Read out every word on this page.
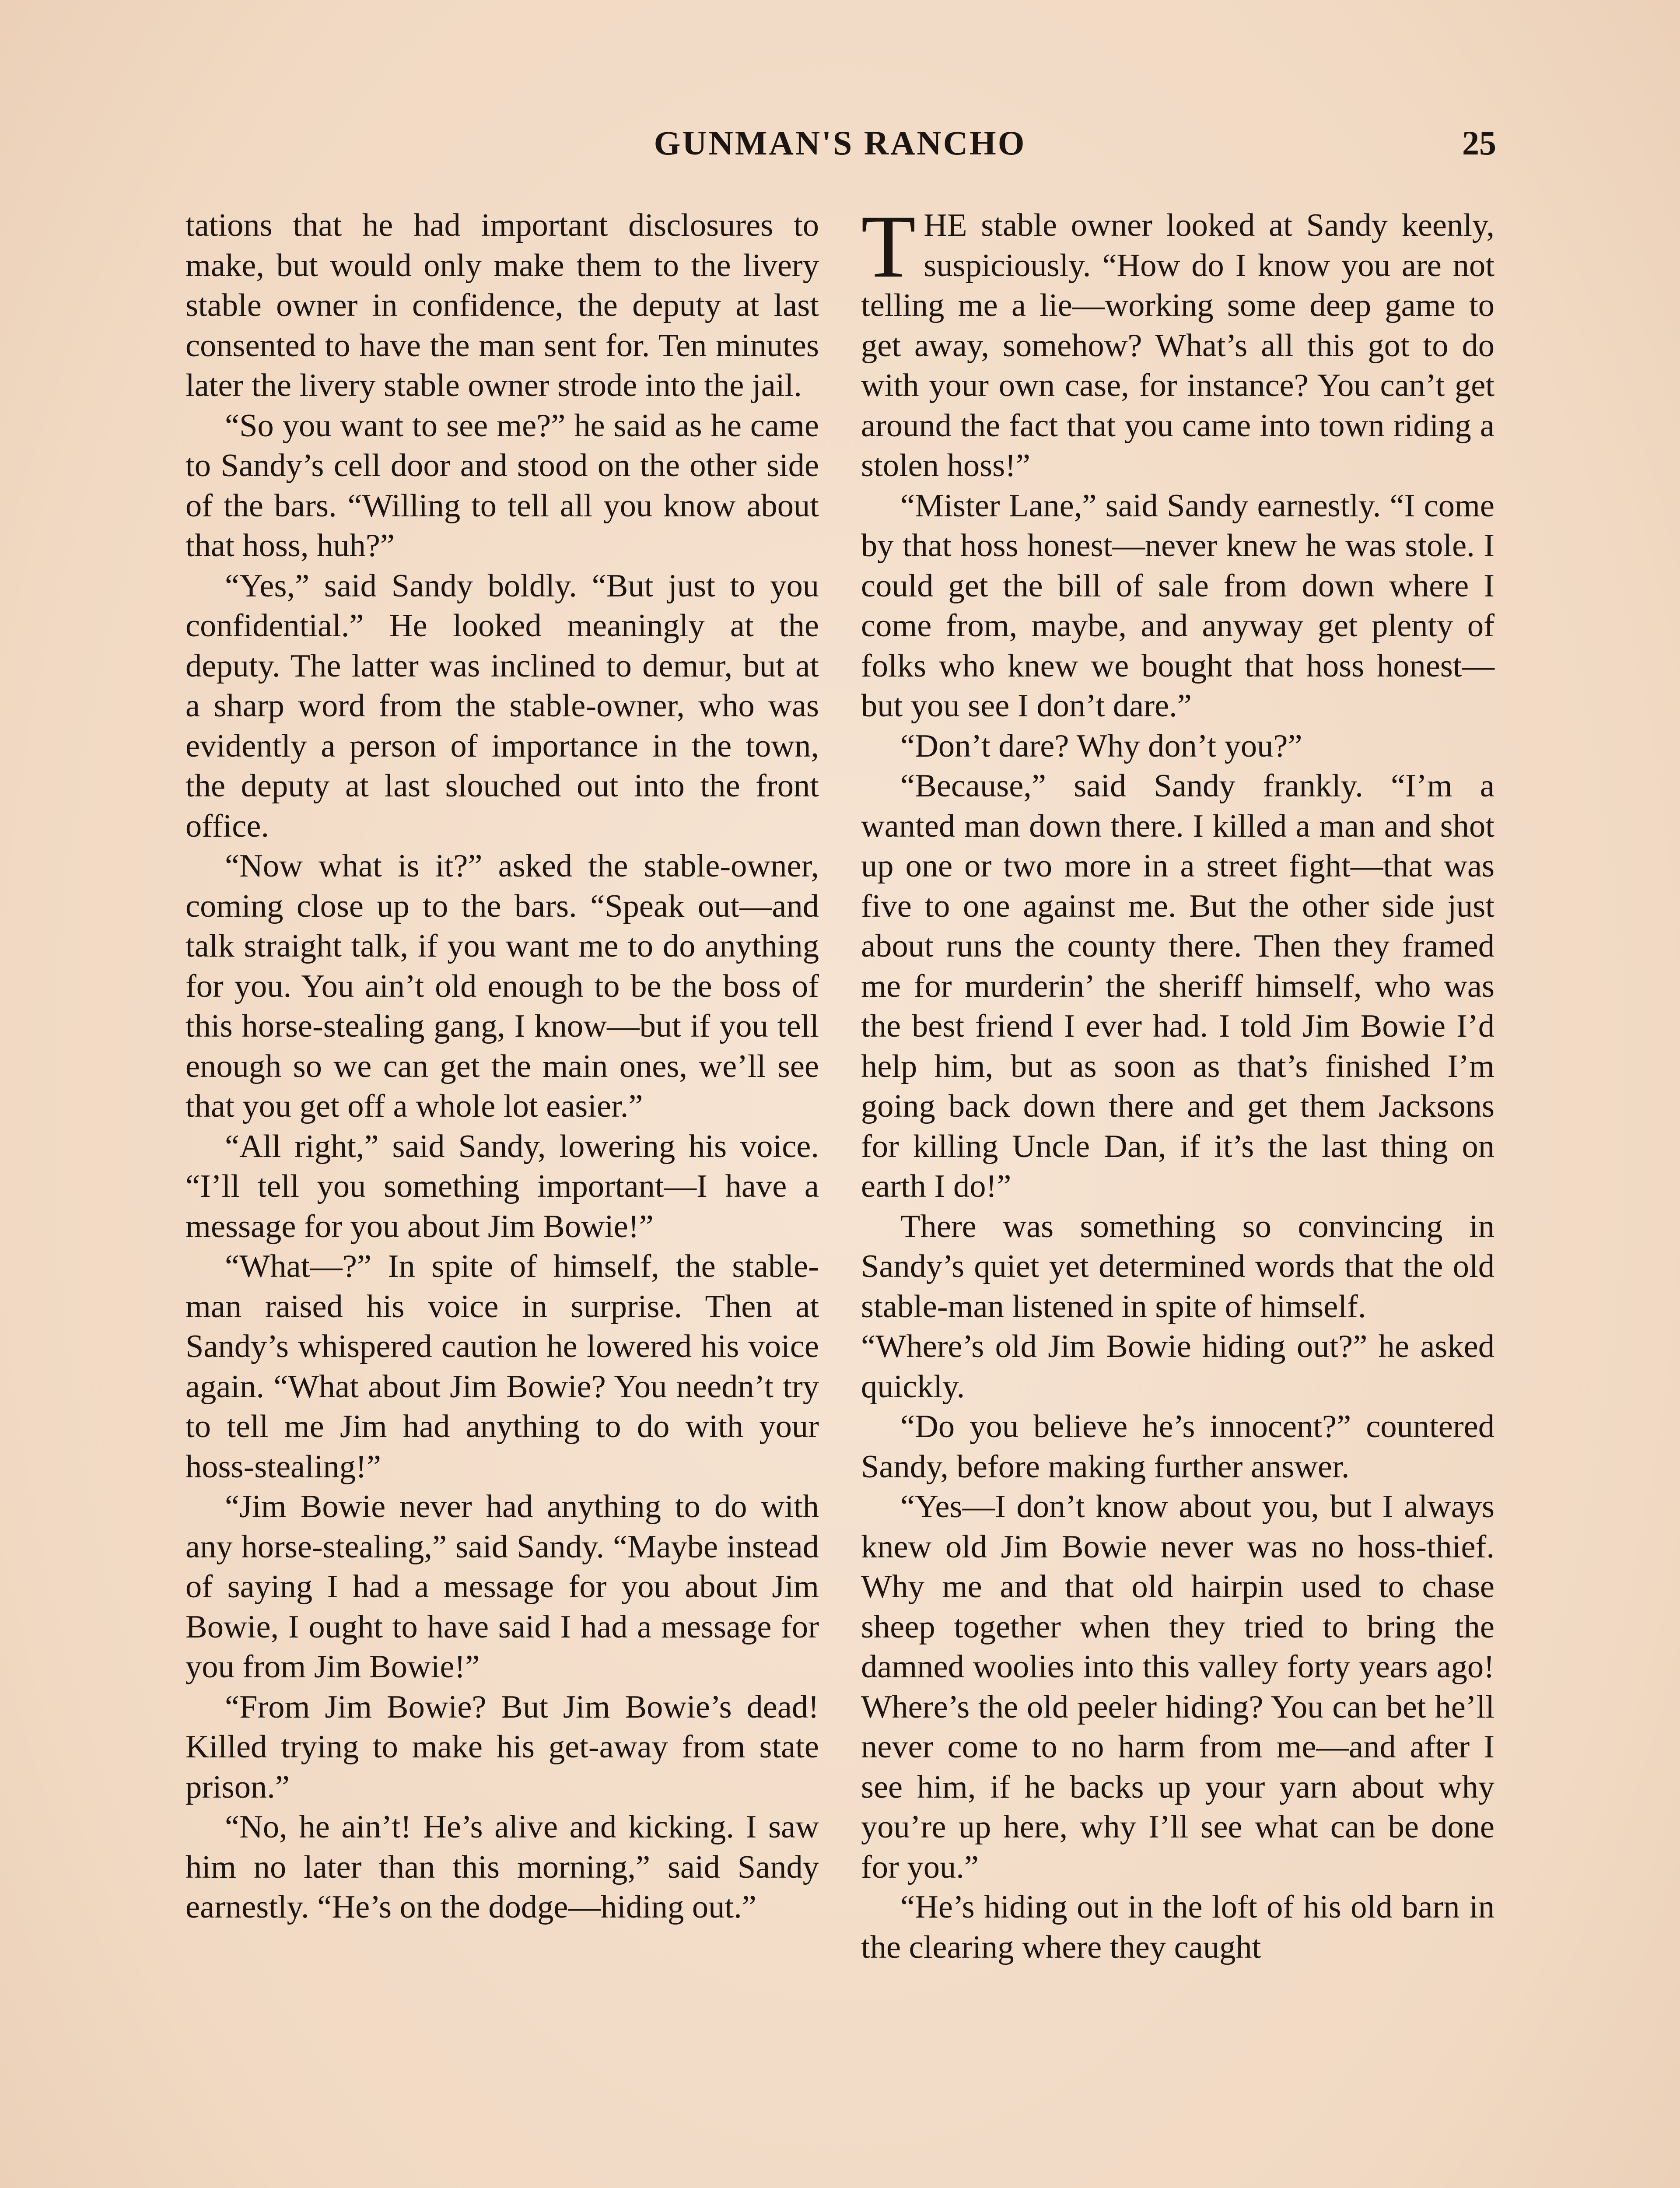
GUNMAN'S RANCHO	25

tations that he had important disclosures to make, but would only make them to the livery stable owner in confidence, the deputy at last consented to have the man sent for. Ten minutes later the livery stable owner strode into the jail.

“So you want to see me?” he said as he came to Sandy’s cell door and stood on the other side of the bars. “Willing to tell all you know about that hoss, huh?”

“Yes,” said Sandy boldly. “But just to you confidential.” He looked meaningly at the deputy. The latter was inclined to demur, but at a sharp word from the stable-owner, who was evidently a person of importance in the town, the deputy at last slouched out into the front office.

“Now what is it?” asked the stable-owner, coming close up to the bars. “Speak out—and talk straight talk, if you want me to do anything for you. You ain’t old enough to be the boss of this horse-stealing gang, I know—but if you tell enough so we can get the main ones, we’ll see that you get off a whole lot easier.”

“All right,” said Sandy, lowering his voice. “I’ll tell you something important—I have a message for you about Jim Bowie!”

“What—?” In spite of himself, the stable-man raised his voice in surprise. Then at Sandy’s whispered caution he lowered his voice again. “What about Jim Bowie? You needn’t try to tell me Jim had anything to do with your hoss-stealing!”

“Jim Bowie never had anything to do with any horse-stealing,” said Sandy. “Maybe instead of saying I had a message for you about Jim Bowie, I ought to have said I had a message for you from Jim Bowie!”

“From Jim Bowie? But Jim Bowie’s dead! Killed trying to make his get-away from state prison.”

“No, he ain’t! He’s alive and kicking. I saw him no later than this morning,” said Sandy earnestly. “He’s on the dodge—hiding out.”

THE stable owner looked at Sandy keenly, suspiciously. “How do I know you are not telling me a lie—working some deep game to get away, somehow? What’s all this got to do with your own case, for instance? You can’t get around the fact that you came into town riding a stolen hoss!”

“Mister Lane,” said Sandy earnestly. “I come by that hoss honest—never knew he was stole. I could get the bill of sale from down where I come from, maybe, and anyway get plenty of folks who knew we bought that hoss honest—but you see I don’t dare.”

“Don’t dare? Why don’t you?”

“Because,” said Sandy frankly. “I’m a wanted man down there. I killed a man and shot up one or two more in a street fight—that was five to one against me. But the other side just about runs the county there. Then they framed me for murderin’ the sheriff himself, who was the best friend I ever had. I told Jim Bowie I’d help him, but as soon as that’s finished I’m going back down there and get them Jacksons for killing Uncle Dan, if it’s the last thing on earth I do!”

There was something so convincing in Sandy’s quiet yet determined words that the old stable-man listened in spite of himself.

“Where’s old Jim Bowie hiding out?” he asked quickly.

“Do you believe he’s innocent?” countered Sandy, before making further answer.

“Yes—I don’t know about you, but I always knew old Jim Bowie never was no hoss-thief. Why me and that old hairpin used to chase sheep together when they tried to bring the damned woolies into this valley forty years ago! Where’s the old peeler hiding? You can bet he’ll never come to no harm from me—and after I see him, if he backs up your yarn about why you’re up here, why I’ll see what can be done for you.”

“He’s hiding out in the loft of his old barn in the clearing where they caught
